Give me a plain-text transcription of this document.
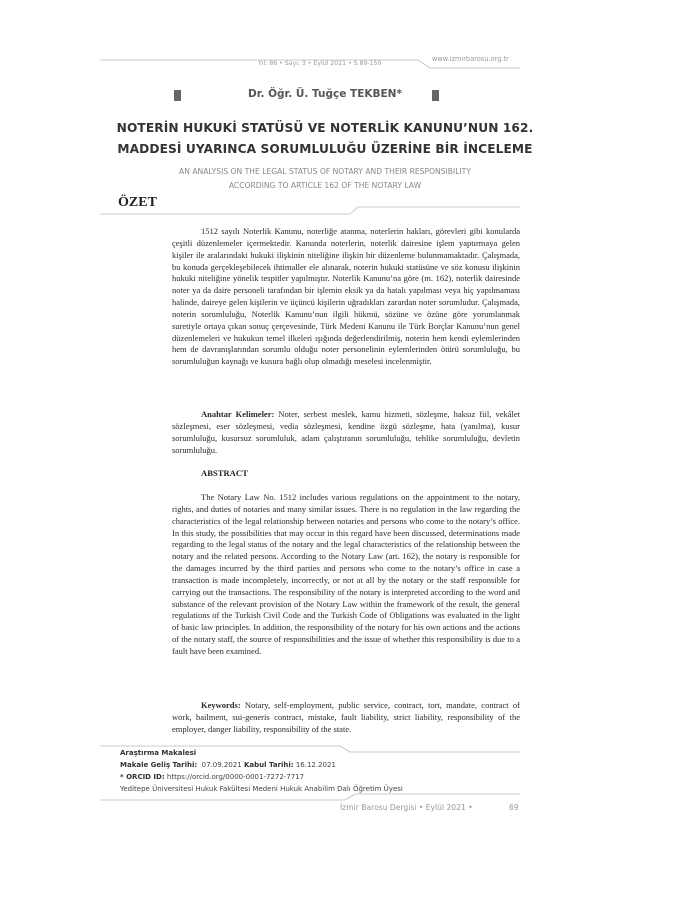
Yıl: 86 • Sayı: 3 • Eylül 2021 • S.89-150
www.izmirbarosu.org.tr
Dr. Öğr. Ü. Tuğçe TEKBEN*
NOTERİN HUKUKİ STATÜSÜ VE NOTERLİK KANUNU’NUN 162.
MADDESİ UYARINCA SORUMLULUĞU ÜZERİNE BİR İNCELEME
AN ANALYSIS ON THE LEGAL STATUS OF NOTARY AND THEIR RESPONSIBILITY
ACCORDING TO ARTICLE 162 OF THE NOTARY LAW
ÖZET

1512 sayılı Noterlik Kanunu, noterliğe atanma, noterlerin hakları, görevleri gibi konularda çeşitli düzenlemeler içermektedir. Kanunda noterlerin, noterlik dairesine işlem yaptırmaya gelen kişiler ile aralarındaki hukuki ilişkinin niteliğine ilişkin bir düzenleme bulunmamaktadır. Çalışmada, bu konuda gerçekleşebilecek ihtimaller ele alınarak, noterin hukuki statüsüne ve söz konusu ilişkinin hukuki niteliğine yönelik tespitler yapılmıştır. Noterlik Kanunu’na göre (m. 162), noterlik dairesinde noter ya da daire personeli tarafından bir işlemin eksik ya da hatalı yapılması veya hiç yapılmaması halinde, daireye gelen kişilerin ve üçüncü kişilerin uğradıkları zarardan noter sorumludur. Çalışmada, noterin sorumluluğu, Noterlik Kanunu’nun ilgili hükmü, sözüne ve özüne göre yorumlanmak suretiyle ortaya çıkan sonuç çerçevesinde, Türk Medeni Kanunu ile Türk Borçlar Kanunu’nun genel düzenlemeleri ve hukukun temel ilkeleri ışığında değerlendirilmiş, noterin hem kendi eylemlerinden hem de davranışlarından sorumlu olduğu noter personelinin eylemlerinden ötürü sorumluluğu, bu sorumluluğun kaynağı ve kusura bağlı olup olmadığı meselesi incelenmiştir.

Anahtar Kelimeler: Noter, serbest meslek, kamu hizmeti, sözleşme, haksız fiil, vekâlet sözleşmesi, eser sözleşmesi, vedia sözleşmesi, kendine özgü sözleşme, hata (yanılma), kusur sorumluluğu, kusursuz sorumluluk, adam çalıştıranın sorumluluğu, tehlike sorumluluğu, devletin sorumluluğu.

ABSTRACT

The Notary Law No. 1512 includes various regulations on the appointment to the notary, rights, and duties of notaries and many similar issues. There is no regulation in the law regarding the characteristics of the legal relationship between notaries and persons who come to the notary’s office. In this study, the possibilities that may occur in this regard have been discussed, determinations made regarding to the legal status of the notary and the legal characteristics of the relationship between the notary and the related persons. According to the Notary Law (art. 162), the notary is responsible for the damages incurred by the third parties and persons who come to the notary’s office in case a transaction is made incompletely, incorrectly, or not at all by the notary or the staff responsible for carrying out the transactions. The responsibility of the notary is interpreted according to the word and substance of the relevant provision of the Notary Law within the framework of the result, the general regulations of the Turkish Civil Code and the Turkish Code of Obligations was evaluated in the light of basic law principles. In addition, the responsibility of the notary for his own actions and the actions of the notary staff, the source of responsibilities and the issue of whether this responsibility is due to a fault have been examined.

Keywords: Notary, self-employment, public service, contract, tort, mandate, contract of work, bailment, sui-generis contract, mistake, fault liability, strict liability, responsibility of the employer, danger liability, responsibility of the state.

Araştırma Makalesi
Makale Geliş Tarihi: 07.09.2021 Kabul Tarihi: 16.12.2021
* ORCID ID: https://orcid.org/0000-0001-7272-7717
Yeditepe Üniversitesi Hukuk Fakültesi Medeni Hukuk Anabilim Dalı Öğretim Üyesi
İzmir Barosu Dergisi • Eylül 2021 •	69
